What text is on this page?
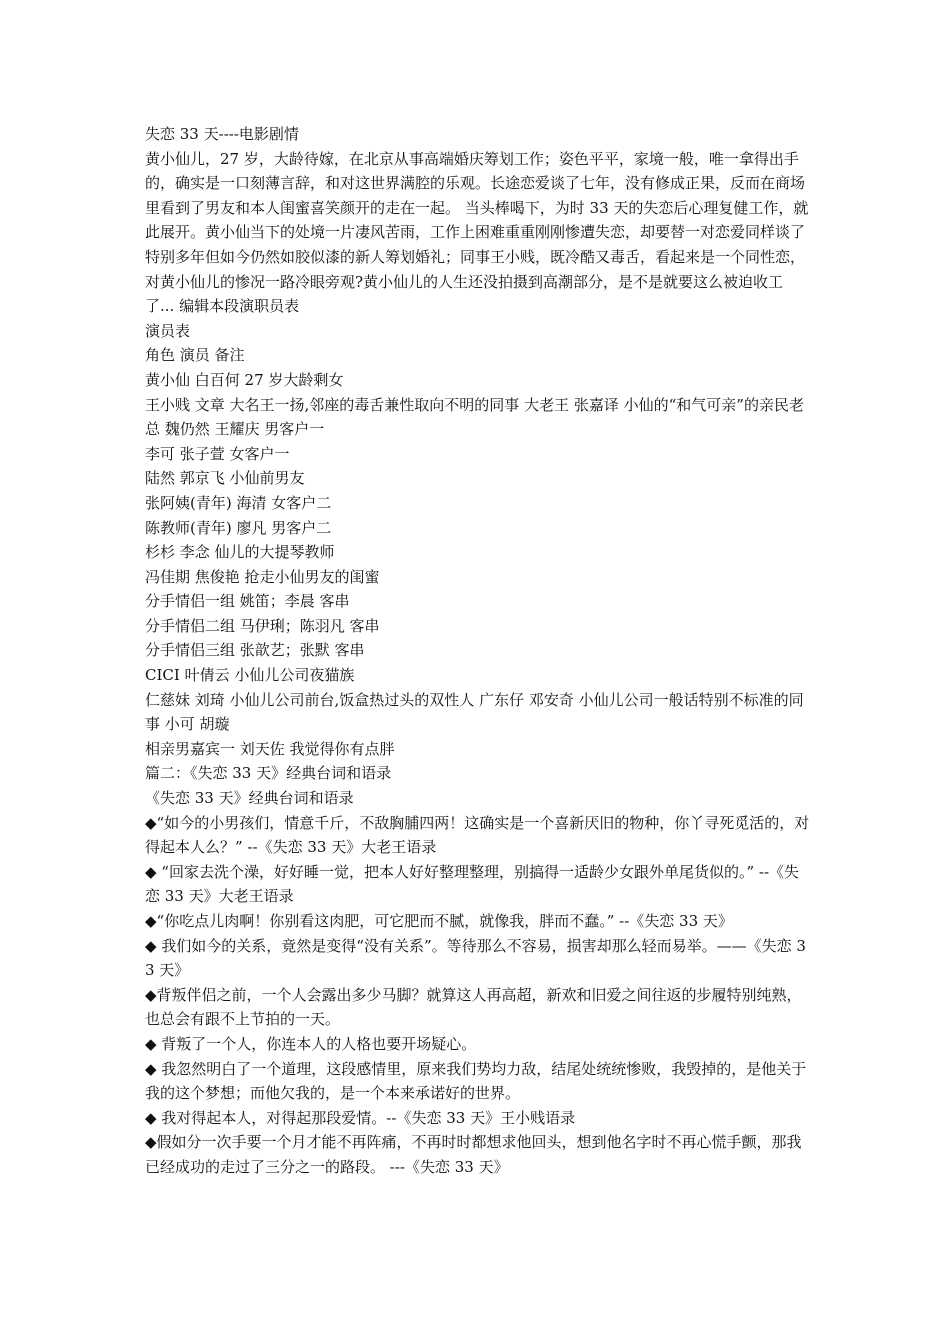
失恋 33 天----电影剧情

黄小仙儿，27 岁，大龄待嫁，在北京从事高端婚庆筹划工作；姿色平平，家境一般，唯一拿得出手的，确实是一口刻薄言辞，和对这世界满腔的乐观。长途恋爱谈了七年，没有修成正果，反而在商场里看到了男友和本人闺蜜喜笑颜开的走在一起。 当头棒喝下，为时 33 天的失恋后心理复健工作，就此展开。黄小仙当下的处境一片凄风苦雨，工作上困难重重刚刚惨遭失恋，却要替一对恋爱同样谈了特别多年但如今仍然如胶似漆的新人筹划婚礼；同事王小贱，既冷酷又毒舌，看起来是一个同性恋，对黄小仙儿的惨况一路冷眼旁观?黄小仙儿的人生还没拍摄到高潮部分，是不是就要这么被迫收工了... 编辑本段演职员表

演员表

角色 演员 备注

黄小仙 白百何 27 岁大龄剩女

王小贱 文章 大名王一扬,邻座的毒舌兼性取向不明的同事 大老王 张嘉译 小仙的“和气可亲”的亲民老总 魏仍然 王耀庆 男客户一

李可 张子萱 女客户一

陆然 郭京飞 小仙前男友

张阿姨(青年) 海清 女客户二

陈教师(青年) 廖凡 男客户二

杉杉 李念 仙儿的大提琴教师

冯佳期 焦俊艳 抢走小仙男友的闺蜜

分手情侣一组 姚笛；李晨 客串

分手情侣二组 马伊琍；陈羽凡 客串

分手情侣三组 张歆艺；张默 客串

CICI 叶倩云 小仙儿公司夜猫族

仁慈妹 刘琦 小仙儿公司前台,饭盒热过头的双性人 广东仔 邓安奇 小仙儿公司一般话特别不标准的同事 小可 胡璇

相亲男嘉宾一 刘天佐 我觉得你有点胖

篇二：《失恋 33 天》经典台词和语录

《失恋 33 天》经典台词和语录

◆“如今的小男孩们，情意千斤，不敌胸脯四两！这确实是一个喜新厌旧的物种，你丫寻死觅活的，对得起本人么？” --《失恋 33 天》大老王语录

◆ “回家去洗个澡，好好睡一觉，把本人好好整理整理，别搞得一适龄少女跟外单尾货似的。” --《失恋 33 天》大老王语录

◆“你吃点儿肉啊！你别看这肉肥，可它肥而不腻，就像我，胖而不蠢。” --《失恋 33 天》

◆ 我们如今的关系，竟然是变得“没有关系”。等待那么不容易，损害却那么轻而易举。——《失恋 33 天》

◆背叛伴侣之前，一个人会露出多少马脚？就算这人再高超，新欢和旧爱之间往返的步履特别纯熟，也总会有跟不上节拍的一天。

◆ 背叛了一个人，你连本人的人格也要开场疑心。

◆ 我忽然明白了一个道理，这段感情里，原来我们势均力敌，结尾处统统惨败，我毁掉的，是他关于我的这个梦想；而他欠我的，是一个本来承诺好的世界。

◆ 我对得起本人，对得起那段爱情。--《失恋 33 天》王小贱语录

◆假如分一次手要一个月才能不再阵痛，不再时时都想求他回头，想到他名字时不再心慌手颤，那我已经成功的走过了三分之一的路段。 ---《失恋 33 天》
